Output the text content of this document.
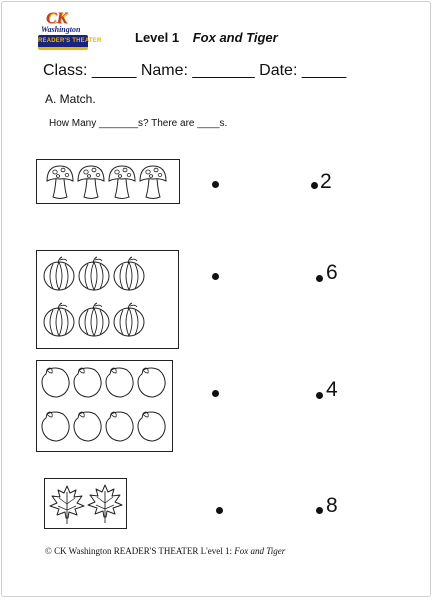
CK
Washington
READER'S THEATER	Level 1 Fox and Tiger
Class: _____ Name: _______ Date: _____
A. Match.
How Many _______s? There are ____s.
2
6
4
8
© CK Washington READER'S THEATER L'evel 1: Fox and Tiger
